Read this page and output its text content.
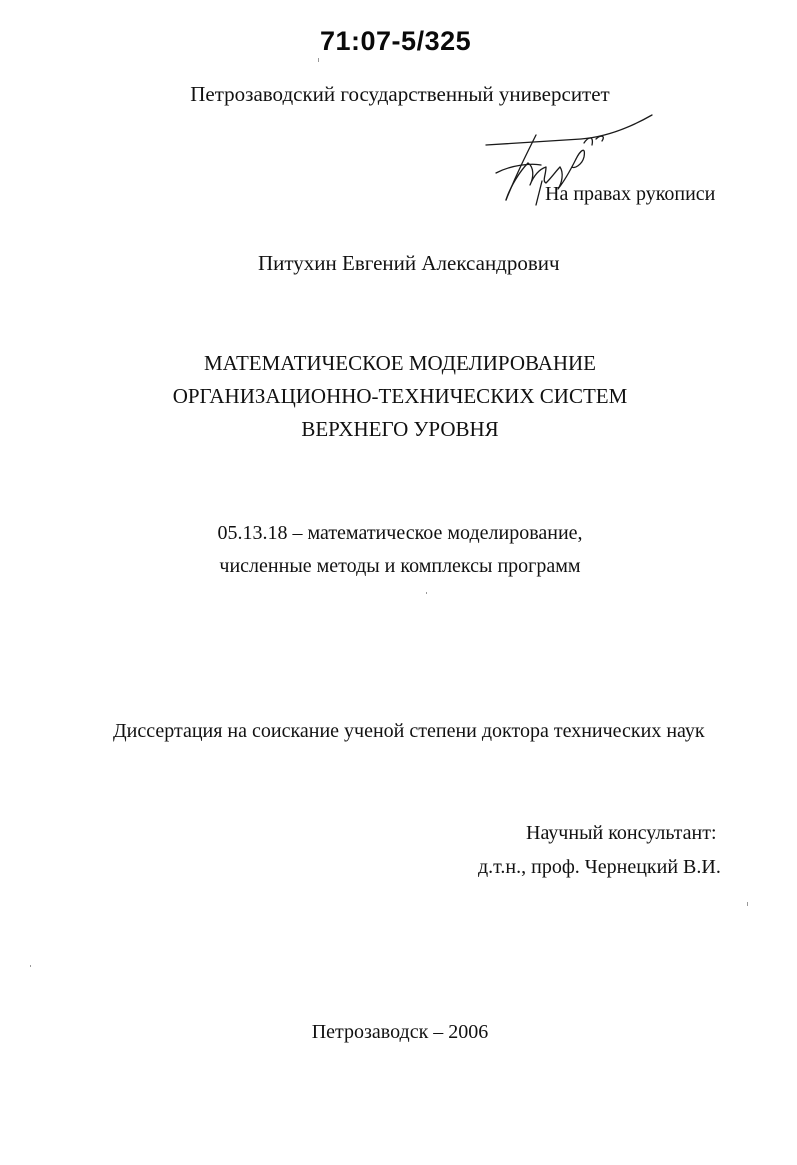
71:07-5/325
Петрозаводский государственный университет
На правах рукописи
Питухин Евгений Александрович
МАТЕМАТИЧЕСКОЕ МОДЕЛИРОВАНИЕ
ОРГАНИЗАЦИОННО-ТЕХНИЧЕСКИХ СИСТЕМ
ВЕРХНЕГО УРОВНЯ
05.13.18 – математическое моделирование,
численные методы и комплексы программ
Диссертация на соискание ученой степени доктора технических наук
Научный консультант:
д.т.н., проф. Чернецкий В.И.
Петрозаводск – 2006
